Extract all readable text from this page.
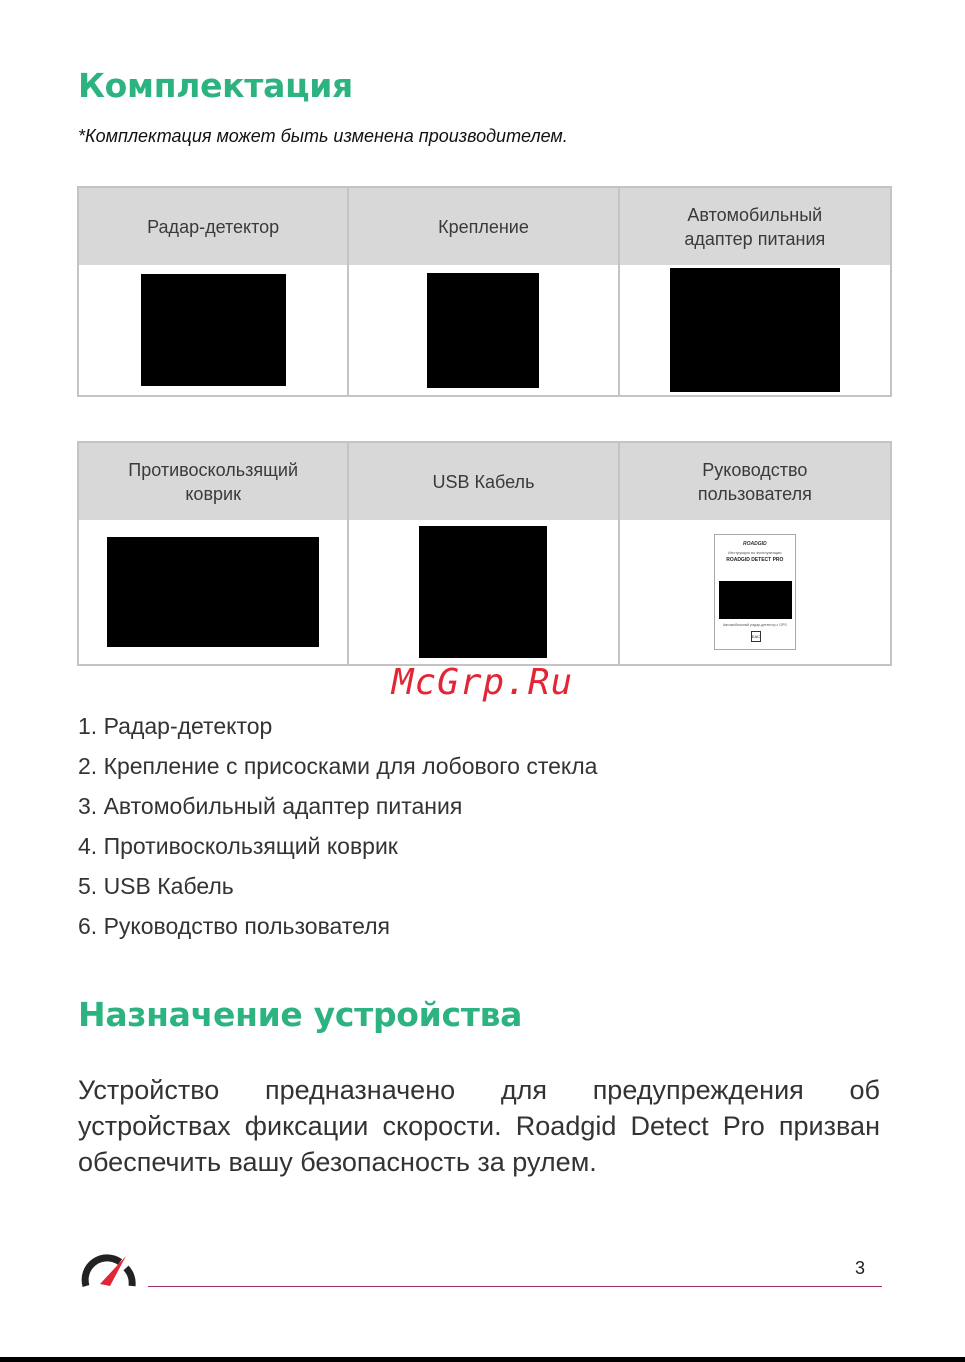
Комплектация
*Комплектация может быть изменена производителем.
Радар-детектор	Крепление
Автомобильный
адаптер питания
Противоскользящий
коврик
USB Кабель
Руководство
пользователя
ROADGID
Инструкция по эксплуатации
ROADGID DETECT PRO
Автомобильный радар-детектор с GPS
EAC
McGrp.Ru
1. Радар-детектор
2. Крепление с присосками для лобового стекла
3. Автомобильный адаптер питания
4. Противоскользящий коврик
5. USB Кабель
6. Руководство пользователя
Назначение устройства

Устройство предназначено для предупреждения об устройствах фиксации скорости. Roadgid Detect Pro призван обеспечить вашу безопасность за рулем.

3
